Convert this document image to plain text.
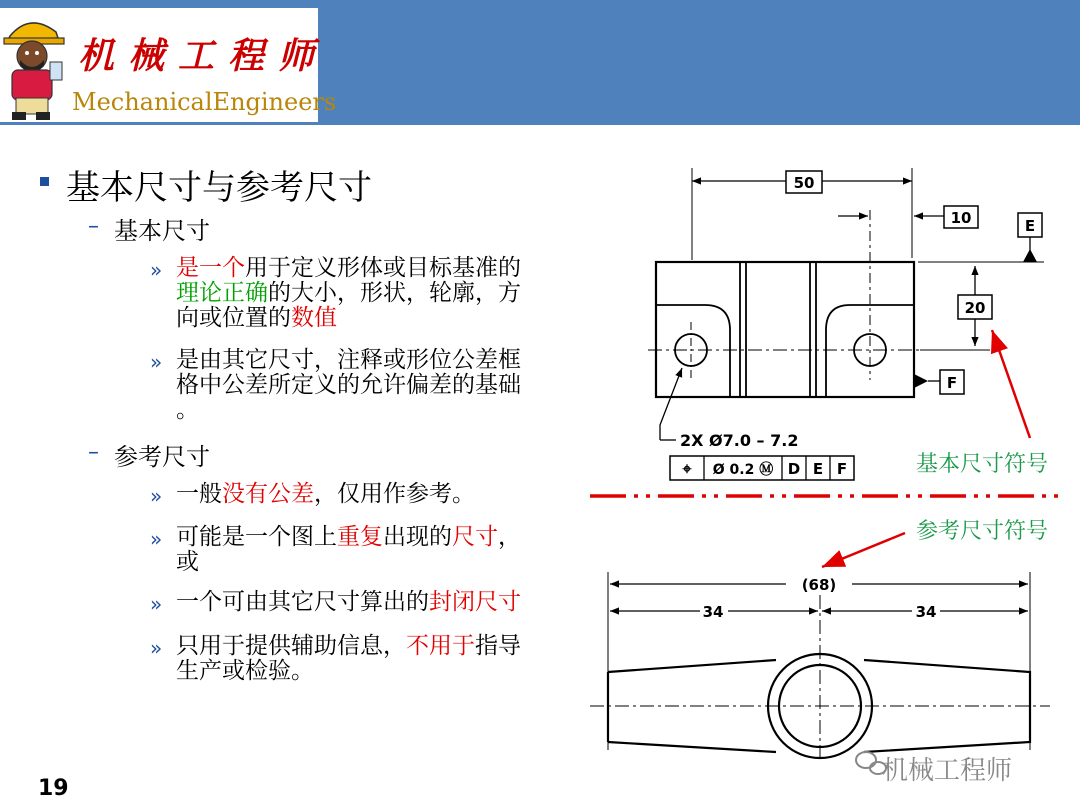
机械工程师
MechanicalEngineers
基本尺寸与参考尺寸
– 基本尺寸
» 是一个用于定义形体或目标基准的
理论正确的大小，形状，轮廓，方
向或位置的数值
» 是由其它尺寸，注释或形位公差框
格中公差所定义的允许偏差的基础
。
– 参考尺寸
» 一般没有公差，仅用作参考。
» 可能是一个图上重复出现的尺寸，
或
» 一个可由其它尺寸算出的封闭尺寸
» 只用于提供辅助信息，不用于指导
生产或检验。
19
50
10	E
20
F
2X Ø7.0 – 7.2
⌖ Ø 0.2 Ⓜ D E F
(68)
34	34
基本尺寸符号
参考尺寸符号
机械工程师
